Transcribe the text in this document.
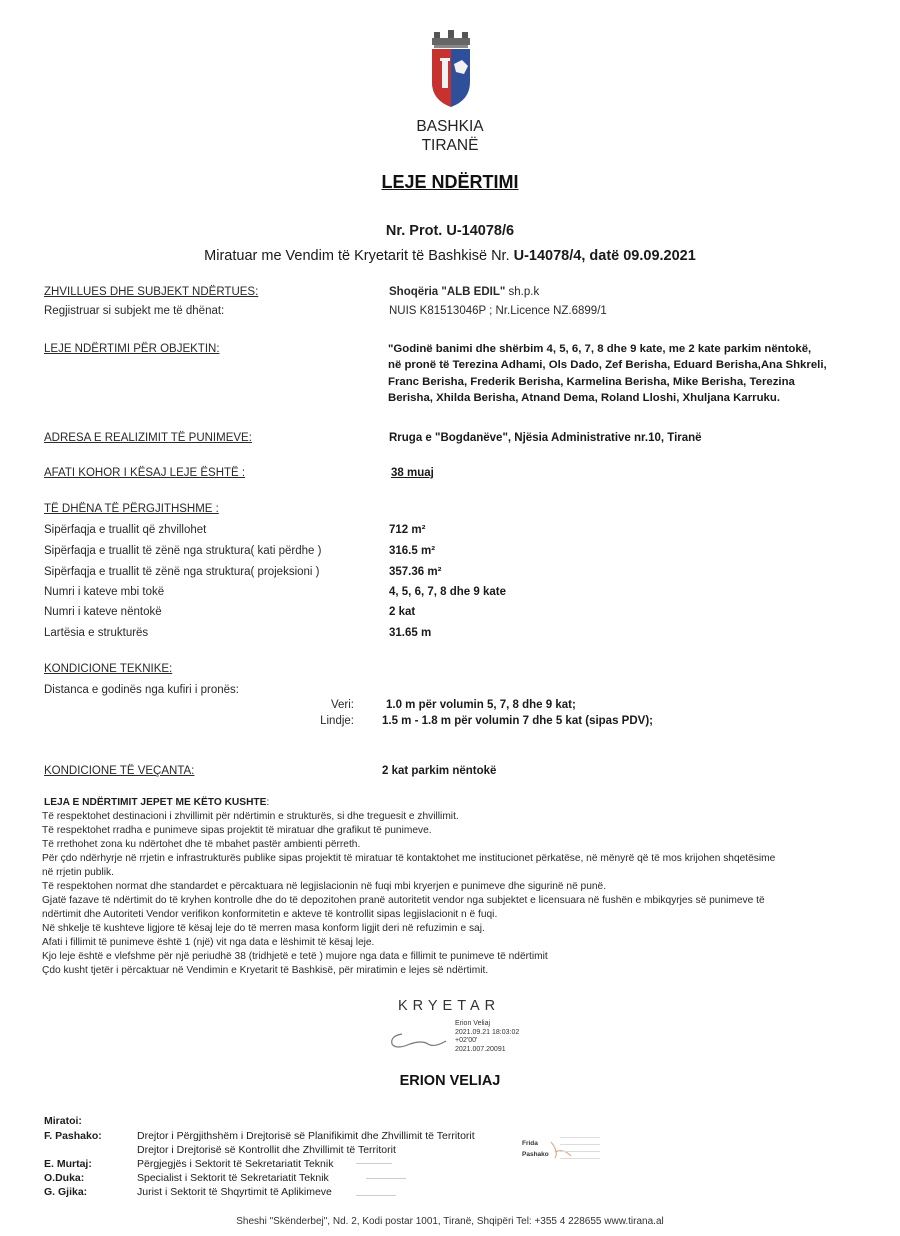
BASHKIA
TIRANË
LEJE NDËRTIMI
Nr. Prot. U-14078/6
Miratuar me Vendim të Kryetarit të Bashkisë Nr. U-14078/4, datë 09.09.2021
ZHVILLUES DHE SUBJEKT NDËRTUES:	Shoqëria "ALB EDIL" sh.p.k
Regjistruar si subjekt me të dhënat:	NUIS K81513046P ; Nr.Licence NZ.6899/1
LEJE NDËRTIMI PËR OBJEKTIN:	"Godinë banimi dhe shërbim 4, 5, 6, 7, 8 dhe 9 kate, me 2 kate parkim nëntokë,
në pronë të Terezina Adhami, Ols Dado, Zef Berisha, Eduard Berisha,Ana Shkreli,
Franc Berisha, Frederik Berisha, Karmelina Berisha, Mike Berisha, Terezina
Berisha, Xhilda Berisha, Atnand Dema, Roland Lloshi, Xhuljana Karruku.
ADRESA E REALIZIMIT TË PUNIMEVE:	Rruga e "Bogdanëve", Njësia Administrative nr.10, Tiranë
AFATI KOHOR I KËSAJ LEJE ËSHTË :	38 muaj
TË DHËNA TË PËRGJITHSHME :
Sipërfaqja e truallit që zhvillohet	712 m²
Sipërfaqja e truallit të zënë nga struktura( kati përdhe )	316.5 m²
Sipërfaqja e truallit të zënë nga struktura( projeksioni )	357.36 m²
Numri i kateve mbi tokë	4, 5, 6, 7, 8 dhe 9 kate
Numri i kateve nëntokë	2 kat
Lartësia e strukturës	31.65 m
KONDICIONE TEKNIKE:
Distanca e godinës nga kufiri i pronës:
Veri:	1.0 m për volumin 5, 7, 8 dhe 9 kat;
Lindje: 1.5 m - 1.8 m për volumin 7 dhe 5 kat (sipas PDV);
KONDICIONE TË VEÇANTA:	2 kat parkim nëntokë
LEJA E NDËRTIMIT JEPET ME KËTO KUSHTE:
Të respektohet destinacioni i zhvillimit për ndërtimin e strukturës, si dhe treguesit e zhvillimit.
Të respektohet rradha e punimeve sipas projektit të miratuar dhe grafikut të punimeve.
Të rrethohet zona ku ndërtohet dhe të mbahet pastër ambienti përreth.
Për çdo ndërhyrje në rrjetin e infrastrukturës publike sipas projektit të miratuar të kontaktohet me institucionet përkatëse, në mënyrë që të mos krijohen shqetësime
në rrjetin publik.
Të respektohen normat dhe standardet e përcaktuara në legjislacionin në fuqi mbi kryerjen e punimeve dhe sigurinë në punë.
Gjatë fazave të ndërtimit do të kryhen kontrolle dhe do të depozitohen pranë autoritetit vendor nga subjektet e licensuara në fushën e mbikqyrjes së punimeve të
ndërtimit dhe Autoriteti Vendor verifikon konformitetin e akteve të kontrollit sipas legjislacionit n ë fuqi.
Në shkelje të kushteve ligjore të kësaj leje do të merren masa konform ligjit deri në refuzimin e saj.
Afati i fillimit të punimeve është 1 (një) vit nga data e lëshimit të kësaj leje.
Kjo leje është e vlefshme për një periudhë 38 (tridhjetë e tetë ) mujore nga data e fillimit te punimeve të ndërtimit
Çdo kusht tjetër i përcaktuar në Vendimin e Kryetarit të Bashkisë, për miratimin e lejes së ndërtimit.
KRYETAR
Erion Veliaj
2021.09.21 18:03:02
+02'00'
2021.007.20091
ERION VELIAJ
Miratoi:
F. Pashako:	Drejtor i Përgjithshëm i Drejtorisë së Planifikimit dhe Zhvillimit të Territorit
Drejtor i Drejtorisë së Kontrollit dhe Zhvillimit të Territorit
E. Murtaj:	Përgjegjës i Sektorit të Sekretariatit Teknik
O.Duka:	Specialist i Sektorit të Sekretariatit Teknik
G. Gjika:	Jurist i Sektorit të Shqyrtimit të Aplikimeve
Frida
Pashako
Sheshi "Skënderbej", Nd. 2, Kodi postar 1001, Tiranë, Shqipëri Tel: +355 4 228655 www.tirana.al
